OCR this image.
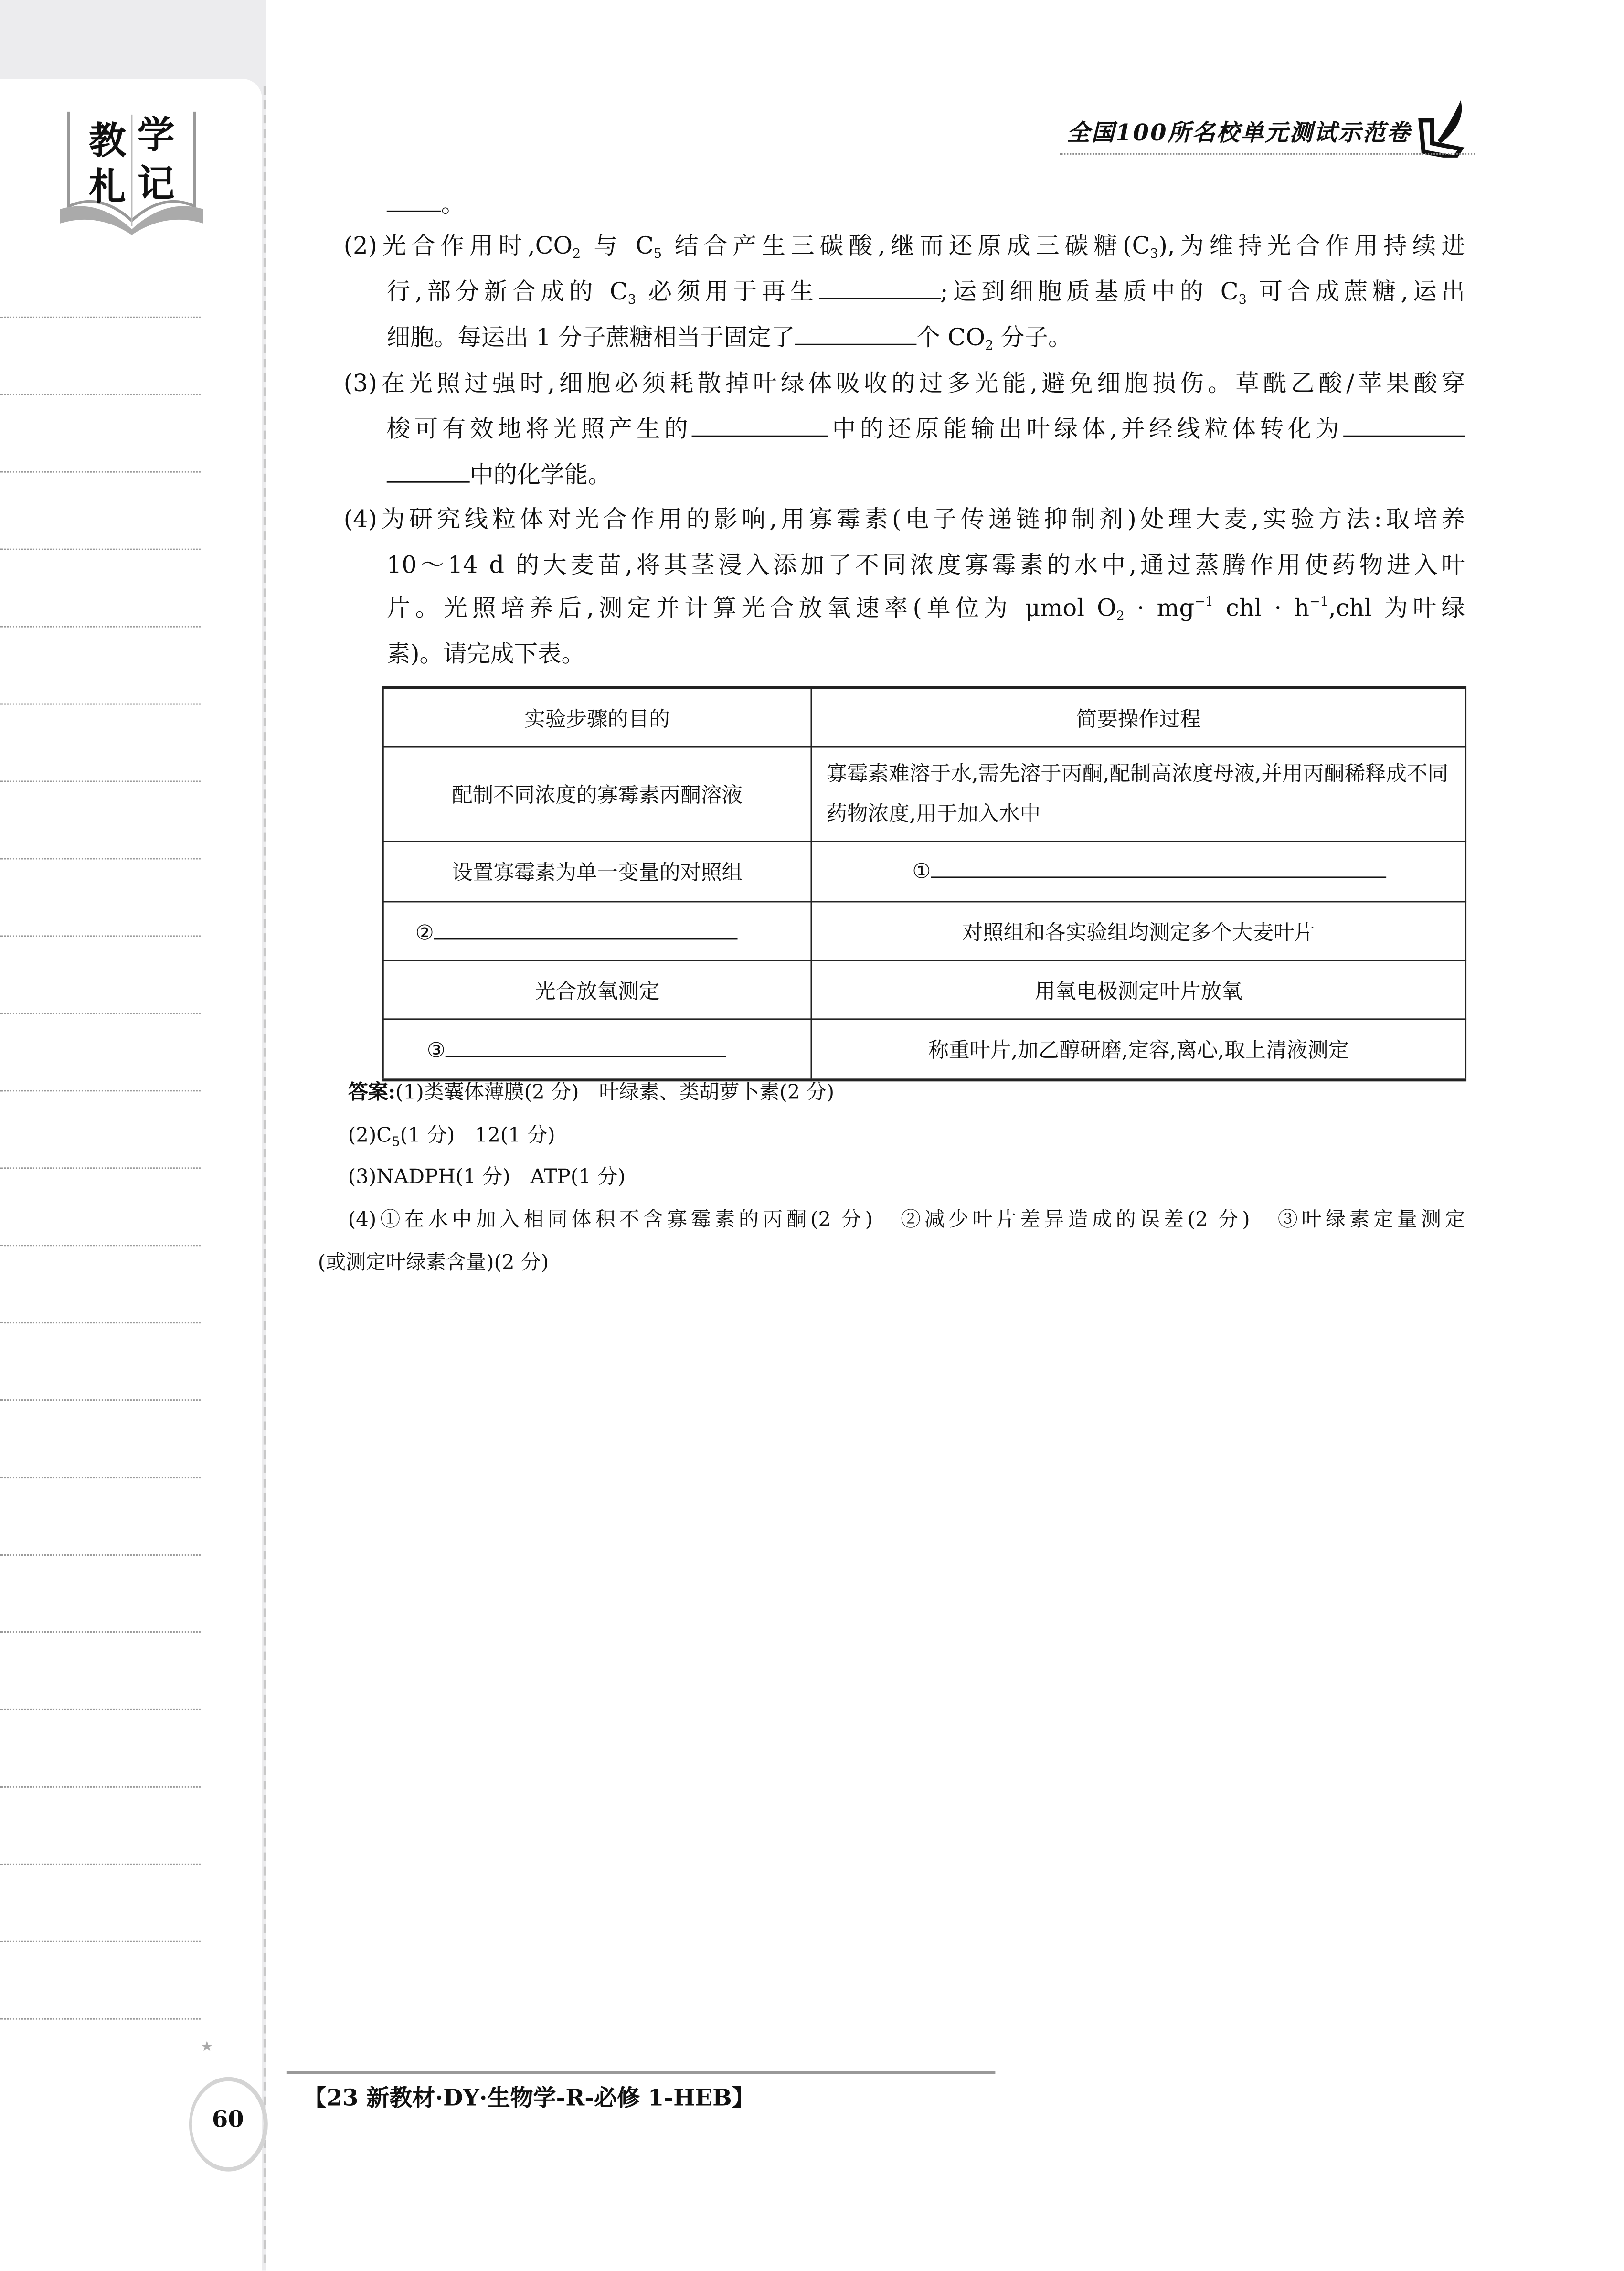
教 学
札 记
全国100所名校单元测试示范卷
。
(2)光合作用时$,CO_2$ 与 $C_5$ 结合产生三碳酸,继而还原成三碳糖$(C_3)$,为维持光合作用持续进
行,部分新合成的 $C_3$ 必须用于再生	;运到细胞质基质中的 $C_3$ 可合成蔗糖,运出
细胞。每运出 1 分子蔗糖相当于固定了	个 $CO_2$ 分子。
(3)在光照过强时,细胞必须耗散掉叶绿体吸收的过多光能,避免细胞损伤。草酰乙酸/苹果酸穿
梭可有效地将光照产生的	中的还原能输出叶绿体,并经线粒体转化为
中的化学能。
(4)为研究线粒体对光合作用的影响,用寡霉素(电子传递链抑制剂)处理大麦,实验方法:取培养
10～14 d 的大麦苗,将其茎浸入添加了不同浓度寡霉素的水中,通过蒸腾作用使药物进入叶
片。光照培养后,测定并计算光合放氧速率(单位为 μmol $O_2 \cdot mg^{-1}$ chl · $h^{-1},chl$ 为叶绿
素)。请完成下表。
实验步骤的目的	简要操作过程
配制不同浓度的寡霉素丙酮溶液	寡霉素难溶于水,需先溶于丙酮,配制高浓度母液,并用丙酮稀释成不同药物浓度,用于加入水中
设置寡霉素为单一变量的对照组	①
②	对照组和各实验组均测定多个大麦叶片
光合放氧测定	用氧电极测定叶片放氧
③	称重叶片,加乙醇研磨,定容,离心,取上清液测定
答案:(1)类囊体薄膜(2 分)　叶绿素、类胡萝卜素(2 分)
$(2)C_5(1$ 分)　12(1 分)
(3)NADPH(1 分)　ATP(1 分)
(4)①在水中加入相同体积不含寡霉素的丙酮(2 分)　②减少叶片差异造成的误差(2 分)　③叶绿素定量测定
(或测定叶绿素含量)(2 分)
★
60
【23 新教材·DY·生物学-R-必修 1-HEB】
